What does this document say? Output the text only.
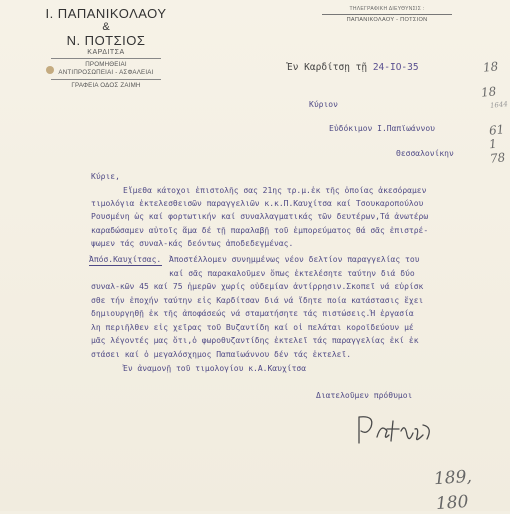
Ι. ΠΑΠΑΝΙΚΟΛΑΟΥ
&
Ν. ΠΟΤΣΙΟΣ
ΚΑΡΔΙΤΣΑ
ΠΡΟΜΗΘΕΙΑΙ
ΑΝΤΙΠΡΟΣΩΠΕΙΑΙ - ΑΣΦΑΛΕΙΑΙ
ΓΡΑΦΕΙΑ ΟΔΟΣ ΖΑΙΜΗ
ΤΗΛΕΓΡΑΦΙΚΗ ΔΙΕΥΘΥΝΣΙΣ :
ΠΑΠΑΝΙΚΟΛΑΟΥ - ΠΟΤΣΙΟΝ
Ἐν Καρδίτσῃ τῇ 24-IO-35
Κύριον
Εὐδόκιμον Ι.Παπϊωάννου
Θεσσαλονίκην
Κύριε,
Εἴμεθα κάτοχοι ἐπιστολῆς σας 21ης τρ.μ.ἐκ τῆς ὁποίας ἀκεσόραμεν
τιμολόγια ἐκτελεσθεισῶν παραγγελιῶν κ.κ.Π.Καυχίτσα καί Τσουκαροπούλου
Ρουσμένη ὡς καί φορτωτικήν καί συναλλαγματικάς τῶν δευτέρων,Τά ἀνωτέρω
καραδώσαμεν αὐτοῖς ἅμα δέ τῇ παραλαβῇ τοῦ ἐμπορεύματος θά σᾶς ἐπιστρέ-
ψωμεν τάς συναλ-κάς δεόντως ἀποδεδεγμένας.
Ἀπόσ.Καυχίτσας. Ἀποστέλλομεν συνημμένως νέον δελτίον παραγγελίας του
καί σᾶς παρακαλοῦμεν ὅπως ἐκτελέσητε ταύτην διά δύο
συναλ-κῶν 45 καί 75 ἡμερῶν χωρίς οὐδεμίαν ἀντίρρησιν.Σκοπεῖ νά εὑρίσκ
σθε τήν ἐποχήν ταύτην εἰς Καρδίτσαν διά νά ἴδητε ποία κατάστασις ἔχει
δημιουργηθῇ ἐκ τῆς ἀποφάσεώς νά σταματήσητε τάς πιστώσεις.Ἡ ἐργασία
λη περιῆλθεν εἰς χεῖρας τοῦ Βυζαντίδη καί οἱ πελάται κοροϊδεύουν μέ
μᾶς λέγοντές μας ὅτι,ὁ φωροθυζαντίδης ἐκτελεῖ τάς παραγγελίας ἐκί ἐκ
στάσει καί ὁ μεγαλόσχημος Παπαϊωάννου δέν τάς ἐκτελεῖ.
Ἐν ἀναμονῇ τοῦ τιμολογίου κ.Α.Καυχίτσα
Διατελοῦμεν πρόθυμοι
18
18
1644
61
1
78
189,
180
